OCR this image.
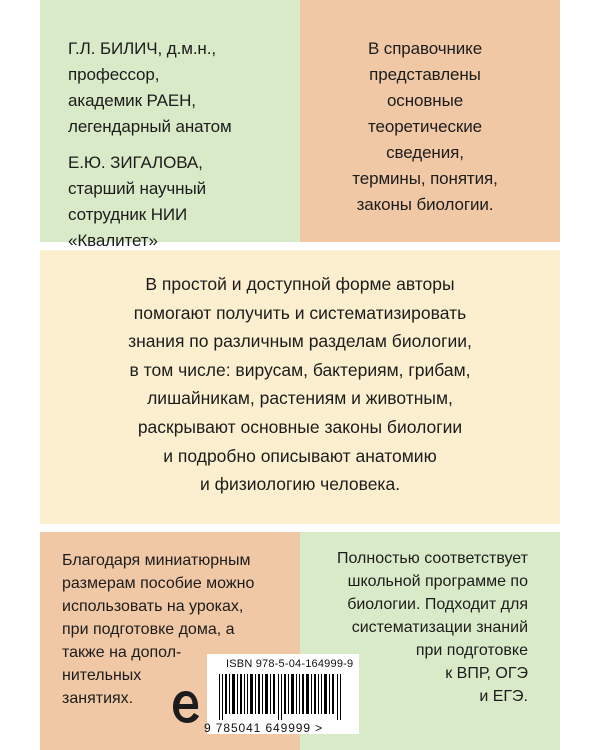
Г.Л. БИЛИЧ, д.м.н.,
профессор,
академик РАЕН,
легендарный анатом

Е.Ю. ЗИГАЛОВА,
старший научный
сотрудник НИИ
«Квалитет»

В справочнике
представлены
основные
теоретические
сведения,
термины, понятия,
законы биологии.
В простой и доступной форме авторы
помогают получить и систематизировать
знания по различным разделам биологии,
в том числе: вирусам, бактериям, грибам,
лишайникам, растениям и животным,
раскрывают основные законы биологии
и подробно описывают анатомию
и физиологию человека.
Благодаря миниатюрным
размерам пособие можно
использовать на уроках,
при подготовке дома, а
также на допол-
нительных
занятиях.
Полностью соответствует
школьной программе по
биологии. Подходит для
систематизации знаний
при подготовке
к ВПР, ОГЭ
и ЕГЭ.
ISBN 978-5-04-164999-9
9 785041 649999 >
